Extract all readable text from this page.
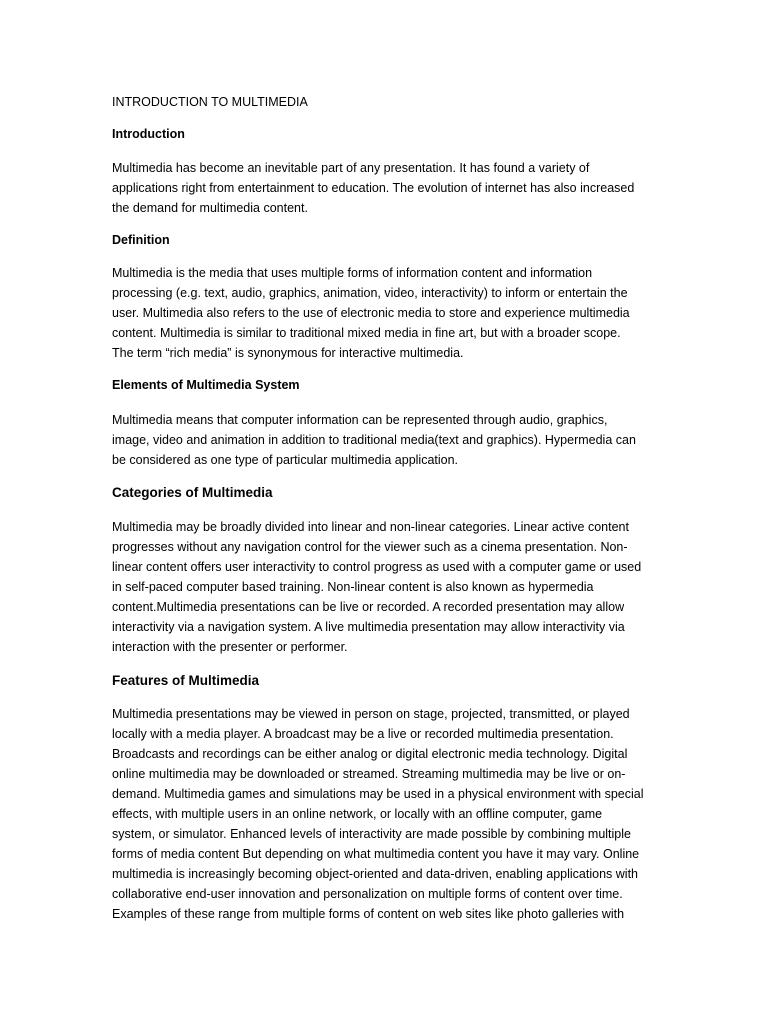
INTRODUCTION TO MULTIMEDIA
Introduction
Multimedia has become an inevitable part of any presentation. It has found a variety of
applications right from entertainment to education. The evolution of internet has also increased
the demand for multimedia content.
Definition
Multimedia is the media that uses multiple forms of information content and information
processing (e.g. text, audio, graphics, animation, video, interactivity) to inform or entertain the
user. Multimedia also refers to the use of electronic media to store and experience multimedia
content. Multimedia is similar to traditional mixed media in fine art, but with a broader scope.
The term “rich media” is synonymous for interactive multimedia.
Elements of Multimedia System
Multimedia means that computer information can be represented through audio, graphics,
image, video and animation in addition to traditional media(text and graphics). Hypermedia can
be considered as one type of particular multimedia application.
Categories of Multimedia
Multimedia may be broadly divided into linear and non-linear categories. Linear active content
progresses without any navigation control for the viewer such as a cinema presentation. Non-
linear content offers user interactivity to control progress as used with a computer game or used
in self-paced computer based training. Non-linear content is also known as hypermedia
content.Multimedia presentations can be live or recorded. A recorded presentation may allow
interactivity via a navigation system. A live multimedia presentation may allow interactivity via
interaction with the presenter or performer.
Features of Multimedia
Multimedia presentations may be viewed in person on stage, projected, transmitted, or played
locally with a media player. A broadcast may be a live or recorded multimedia presentation.
Broadcasts and recordings can be either analog or digital electronic media technology. Digital
online multimedia may be downloaded or streamed. Streaming multimedia may be live or on-
demand. Multimedia games and simulations may be used in a physical environment with special
effects, with multiple users in an online network, or locally with an offline computer, game
system, or simulator. Enhanced levels of interactivity are made possible by combining multiple
forms of media content But depending on what multimedia content you have it may vary. Online
multimedia is increasingly becoming object-oriented and data-driven, enabling applications with
collaborative end-user innovation and personalization on multiple forms of content over time.
Examples of these range from multiple forms of content on web sites like photo galleries with
